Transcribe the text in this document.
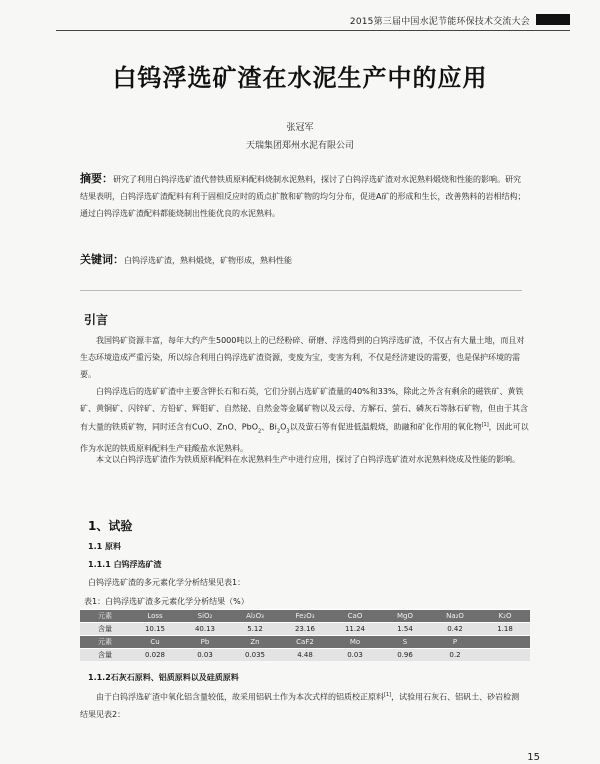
2015第三届中国水泥节能环保技术交流大会
白钨浮选矿渣在水泥生产中的应用
张冠军
天瑞集团郑州水泥有限公司
摘要：研究了利用白钨浮选矿渣代替铁质原料配料烧制水泥熟料，探讨了白钨浮选矿渣对水泥熟料煅烧和性能的影响。研究结果表明，白钨浮选矿渣配料有利于固相反应时的质点扩散和矿物的均匀分布，促进A矿的形成和生长，改善熟料的岩相结构；通过白钨浮选矿渣配料都能烧制出性能优良的水泥熟料。
关键词：白钨浮选矿渣，熟料煅烧，矿物形成，熟料性能
引言
我国钨矿资源丰富，每年大约产生5000吨以上的已经粉碎、研磨、浮选得到的白钨浮选矿渣，不仅占有大量土地，而且对生态环境造成严重污染，所以综合利用白钨浮选矿渣资源，变废为宝，变害为利，不仅是经济建设的需要，也是保护环境的需要。
白钨浮选后的选矿矿渣中主要含钾长石和石英，它们分别占选矿矿渣量的40%和33%，除此之外含有剩余的磁铁矿、黄铁矿、黄铜矿、闪锌矿、方铅矿、辉钼矿、自然铋、自然金等金属矿物以及云母、方解石、萤石、磷灰石等脉石矿物，但由于其含有大量的铁质矿物，同时还含有CuO、ZnO、PbO$_2$、$Bi_2O_3$以及萤石等有促进低温煅烧，助融和矿化作用的氧化物[1]，因此可以作为水泥的铁质原料配料生产硅酸盐水泥熟料。
本文以白钨浮选矿渣作为铁质原料配料在水泥熟料生产中进行应用，探讨了白钨浮选矿渣对水泥熟料烧成及性能的影响。
1、试验
1.1 原料
1.1.1 白钨浮选矿渣
白钨浮选矿渣的多元素化学分析结果见表1：
表1：白钨浮选矿渣多元素化学分析结果（%）
元素	Loss	SiO₂	Al₂O₃	Fe₂O₃	CaO	MgO	Na₂O	K₂O
含量	10.15	40.13	5.12	23.16	11.24	1.54	0.42	1.18
元素	Cu	Pb	Zn	CaF2	Mo	S	P	
含量	0.028	0.03	0.035	4.48	0.03	0.96	0.2	
1.1.2石灰石原料、铝质原料以及硅质原料
由于白钨浮选矿渣中氧化铝含量较低，故采用铝矾土作为本次式样的铝质校正原料[1]，试验用石灰石、铝矾土、砂岩检测结果见表2：
15
